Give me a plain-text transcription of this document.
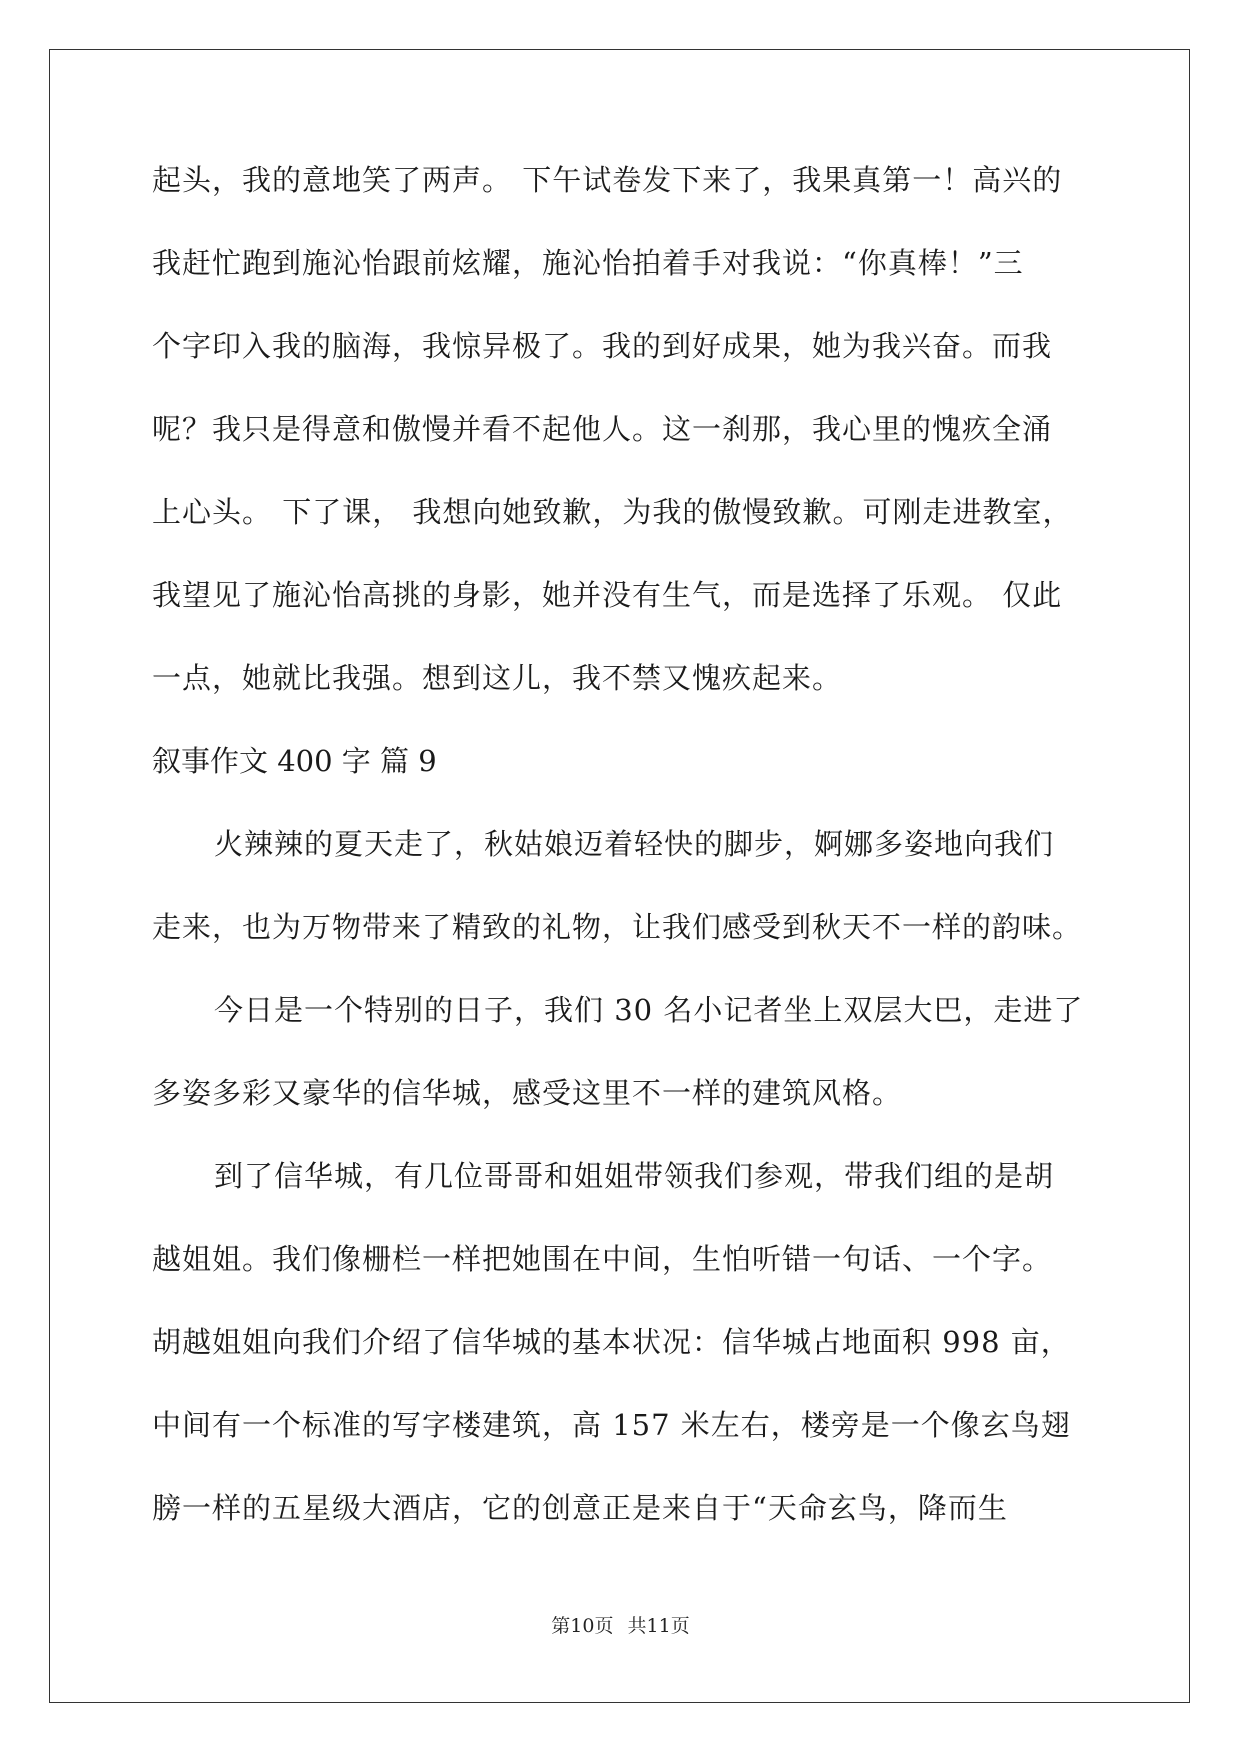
起头，我的意地笑了两声。 下午试卷发下来了，我果真第一！高兴的
我赶忙跑到施沁怡跟前炫耀，施沁怡拍着手对我说：“你真棒！”三
个字印入我的脑海，我惊异极了。我的到好成果，她为我兴奋。而我
呢？我只是得意和傲慢并看不起他人。这一刹那，我心里的愧疚全涌
上心头。 下了课， 我想向她致歉，为我的傲慢致歉。可刚走进教室，
我望见了施沁怡高挑的身影，她并没有生气，而是选择了乐观。 仅此
一点，她就比我强。想到这儿，我不禁又愧疚起来。
叙事作文 400 字 篇 9
火辣辣的夏天走了，秋姑娘迈着轻快的脚步，婀娜多姿地向我们
走来，也为万物带来了精致的礼物，让我们感受到秋天不一样的韵味。
今日是一个特别的日子，我们 30 名小记者坐上双层大巴，走进了
多姿多彩又豪华的信华城，感受这里不一样的建筑风格。
到了信华城，有几位哥哥和姐姐带领我们参观，带我们组的是胡
越姐姐。我们像栅栏一样把她围在中间，生怕听错一句话、一个字。
胡越姐姐向我们介绍了信华城的基本状况：信华城占地面积 998 亩，
中间有一个标准的写字楼建筑，高 157 米左右，楼旁是一个像玄鸟翅
膀一样的五星级大酒店，它的创意正是来自于“天命玄鸟，降而生
第10页 共11页
